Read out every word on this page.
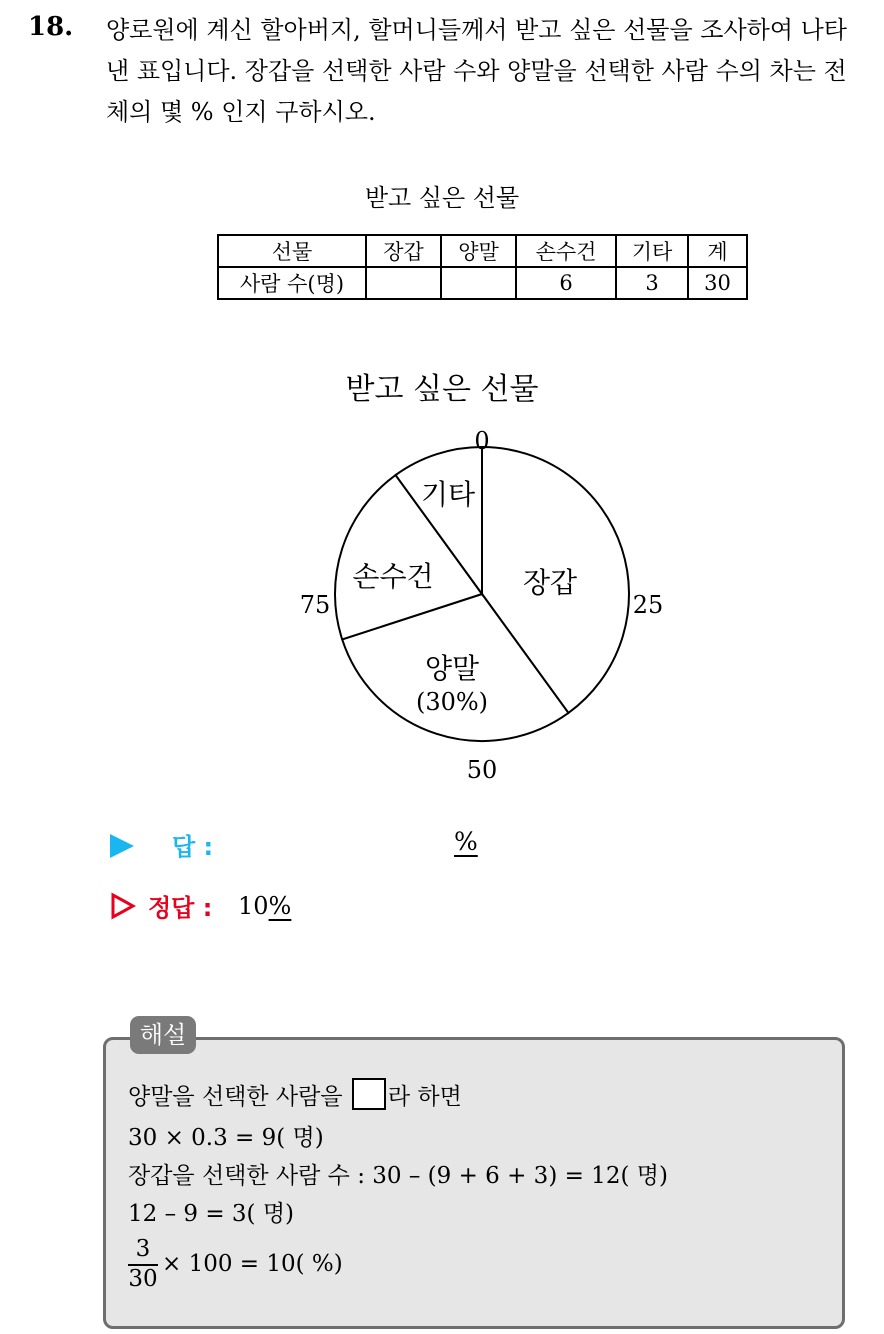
18. 양로원에 계신 할아버지, 할머니들께서 받고 싶은 선물을 조사하여 나타낸 표입니다. 장갑을 선택한 사람 수와 양말을 선택한 사람 수의 차는 전체의 몇 % 인지 구하시오.
받고 싶은 선물
선물	장갑	양말	손수건	기타	계
사람 수(명)			6	3	30
받고 싶은 선물
장갑
양말
(30%)
손수건
기타
0
25
50
75
답 :	%
정답 : 10%
해설
양말을 선택한 사람을 라 하면
30 × 0.3 = 9( 명)
장갑을 선택한 사람 수 : 30 – (9 + 6 + 3) = 12( 명)
12 – 9 = 3( 명)
$\frac{3}{30} \times 100 = 10$( %)
